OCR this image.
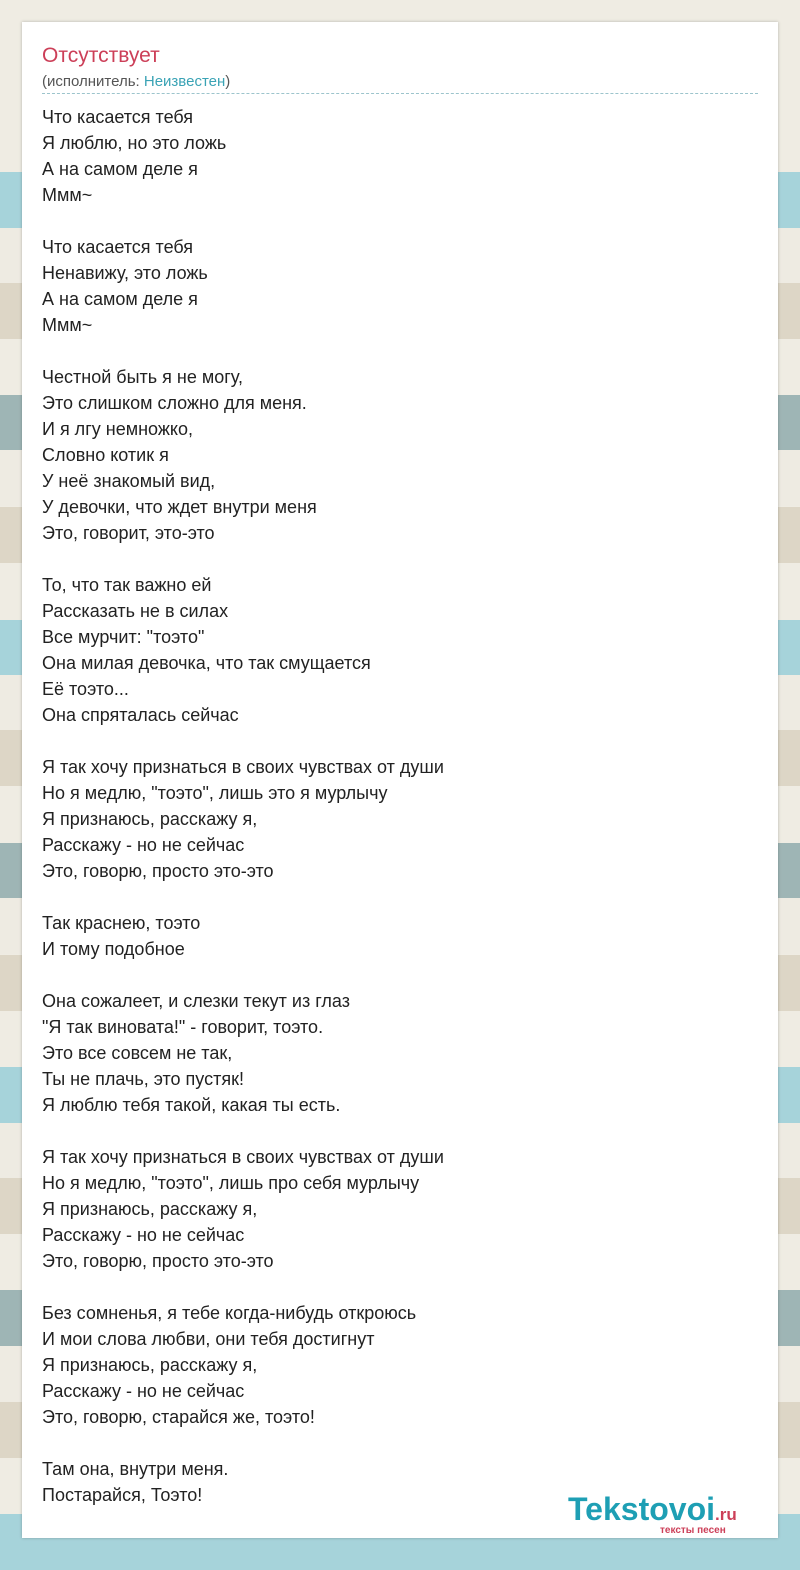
Отсутствует
(исполнитель: Неизвестен)
Что касается тебя
Я люблю, но это ложь
А на самом деле я
Ммм~
Что касается тебя
Ненавижу, это ложь
А на самом деле я
Ммм~
Честной быть я не могу,
Это слишком сложно для меня.
И я лгу немножко,
Словно котик я
У неё знакомый вид,
У девочки, что ждет внутри меня
Это, говорит, это-это
То, что так важно ей
Рассказать не в силах
Все мурчит: "тоэто"
Она милая девочка, что так смущается
Её тоэто...
Она спряталась сейчас
Я так хочу признаться в своих чувствах от души
Но я медлю, "тоэто", лишь это я мурлычу
Я признаюсь, расскажу я,
Расскажу - но не сейчас
Это, говорю, просто это-это
Так краснею, тоэто
И тому подобное
Она сожалеет, и слезки текут из глаз
"Я так виновата!" - говорит, тоэто.
Это все совсем не так,
Ты не плачь, это пустяк!
Я люблю тебя такой, какая ты есть.
Я так хочу признаться в своих чувствах от души
Но я медлю, "тоэто", лишь про себя мурлычу
Я признаюсь, расскажу я,
Расскажу - но не сейчас
Это, говорю, просто это-это
Без сомненья, я тебе когда-нибудь откроюсь
И мои слова любви, они тебя достигнут
Я признаюсь, расскажу я,
Расскажу - но не сейчас
Это, говорю, старайся же, тоэто!
Там она, внутри меня.
Постарайся, Тоэто!	Tekstovoi.ru
тексты песен
